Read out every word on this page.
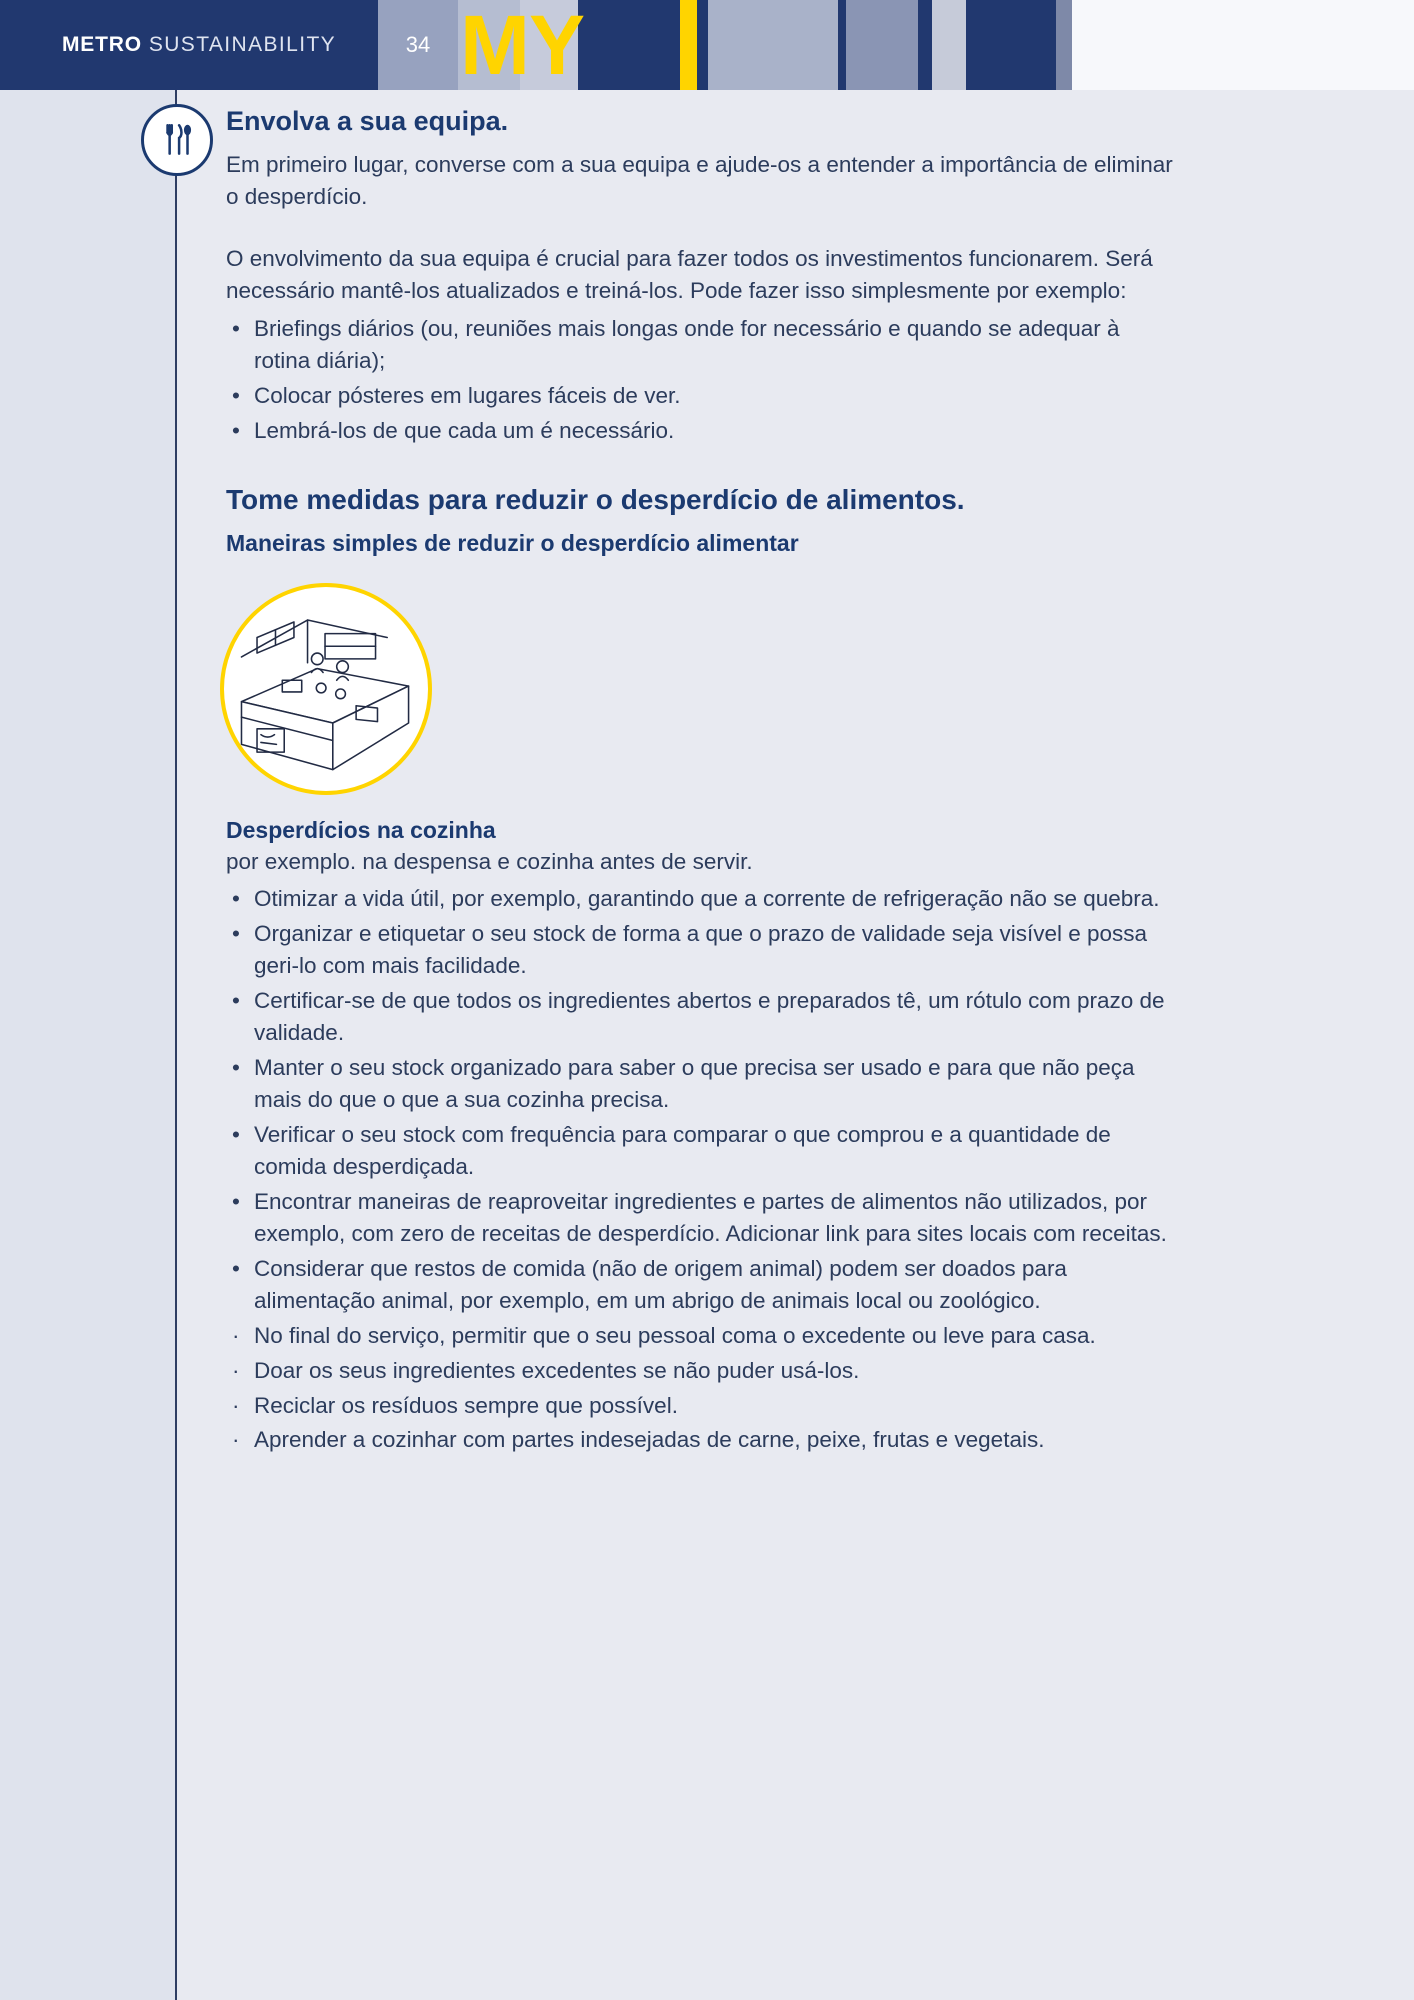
METRO SUSTAINABILITY	34 MY
Envolva a sua equipa.

Em primeiro lugar, converse com a sua equipa e ajude-os a entender a importância de eliminar o desperdício.

O envolvimento da sua equipa é crucial para fazer todos os investimentos funcionarem. Será necessário mantê-los atualizados e treiná-los. Pode fazer isso simplesmente por exemplo:

• Briefings diários (ou, reuniões mais longas onde for necessário e quando se adequar à rotina diária);
• Colocar pósteres em lugares fáceis de ver.
• Lembrá-los de que cada um é necessário.
Tome medidas para reduzir o desperdício de alimentos.
Maneiras simples de reduzir o desperdício alimentar
Desperdícios na cozinha

por exemplo. na despensa e cozinha antes de servir.

• Otimizar a vida útil, por exemplo, garantindo que a corrente de refrigeração não se quebra.
• Organizar e etiquetar o seu stock de forma a que o prazo de validade seja visível e possa geri-lo com mais facilidade.
• Certificar-se de que todos os ingredientes abertos e preparados tê, um rótulo com prazo de validade.
• Manter o seu stock organizado para saber o que precisa ser usado e para que não peça mais do que o que a sua cozinha precisa.
• Verificar o seu stock com frequência para comparar o que comprou e a quantidade de comida desperdiçada.
• Encontrar maneiras de reaproveitar ingredientes e partes de alimentos não utilizados, por exemplo, com zero de receitas de desperdício. Adicionar link para sites locais com receitas.
• Considerar que restos de comida (não de origem animal) podem ser doados para alimentação animal, por exemplo, em um abrigo de animais local ou zoológico.
· No final do serviço, permitir que o seu pessoal coma o excedente ou leve para casa.
· Doar os seus ingredientes excedentes se não puder usá-los.
· Reciclar os resíduos sempre que possível.
· Aprender a cozinhar com partes indesejadas de carne, peixe, frutas e vegetais.
